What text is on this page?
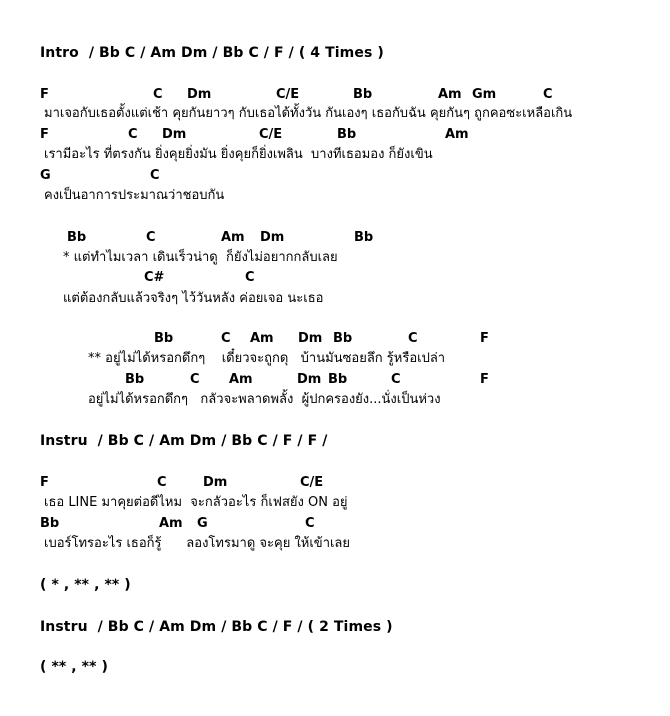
Intro  / Bb C / Am Dm / Bb C / F / ( 4 Times )
F	C Dm	C/E	Bb	Am Gm	C
มาเจอกับเธอตั้งแต่เช้า คุยกันยาวๆ กับเธอได้ทั้งวัน กันเองๆ เธอกับฉัน คุยกันๆ ถูกคอซะเหลือเกิน
F	C Dm	C/E	Bb	Am
เรามีอะไร ที่ตรงกัน ยิ่งคุยยิ่งมัน ยิ่งคุยก็ยิ่งเพลิน  บางทีเธอมอง ก็ยังเขิน
G	C
คงเป็นอาการประมาณว่าชอบกัน
Bb	C	Am Dm	Bb
* แต่ทำไมเวลา เดินเร็วน่าดู  ก็ยังไม่อยากกลับเลย
C#	C
แต่ต้องกลับแล้วจริงๆ ไว้วันหลัง ค่อยเจอ นะเธอ
Bb	C Am Dm Bb	C	F
** อยู่ไม่ได้หรอกดึกๆ    เดี๋ยวจะถูกดุ   บ้านมันซอยลึก รู้หรือเปล่า
Bb	C Am	Dm Bb	C	F
อยู่ไม่ได้หรอกดึกๆ   กลัวจะพลาดพลั้ง  ผู้ปกครองยัง...นั่งเป็นห่วง
Instru  / Bb C / Am Dm / Bb C / F / F /
F	C	Dm	C/E
เธอ LINE มาคุยต่อดีไหม  จะกลัวอะไร ก็เฟสยัง ON อยู่
Bb	Am G	C
เบอร์โทรอะไร เธอก็รู้      ลองโทรมาดู จะคุย ให้เข้าเลย
( * , ** , ** )
Instru  / Bb C / Am Dm / Bb C / F / ( 2 Times )
( ** , ** )
